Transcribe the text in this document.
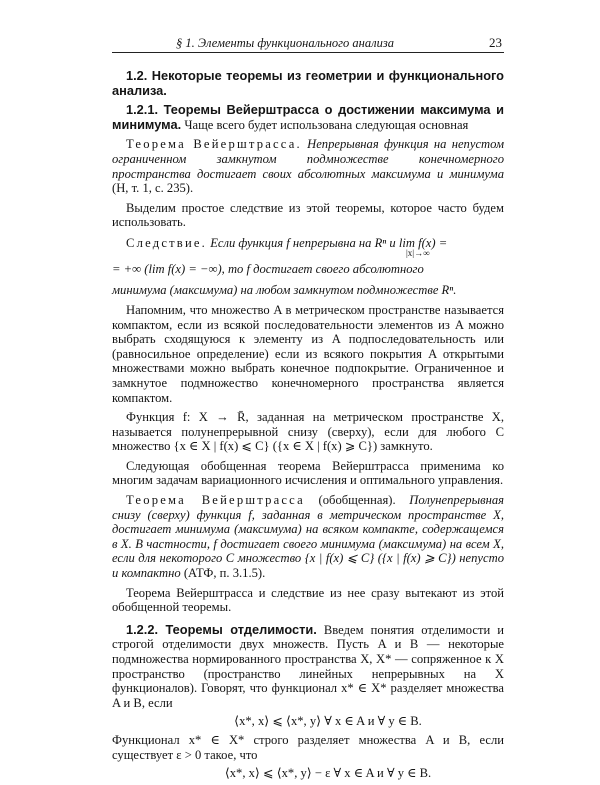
§ 1. Элементы функционального анализа	23

1.2. Некоторые теоремы из геометрии и функционального анализа.

1.2.1. Теоремы Вейерштрасса о достижении максимума и минимума. Чаще всего будет использована следующая основная

Теорема Вейерштрасса. Непрерывная функция на непустом ограниченном замкнутом подмножестве конечномерного пространства достигает своих абсолютных максимума и минимума (Н, т. 1, с. 235).

Выделим простое следствие из этой теоремы, которое часто будем использовать.

Следствие. Если функция f непрерывна на Rⁿ и lim f(x) =

|x|→∞

= +∞ (lim f(x) = −∞), то f достигает своего абсолютного

минимума (максимума) на любом замкнутом подмножестве Rⁿ.

Напомним, что множество A в метрическом пространстве называется компактом, если из всякой последовательности элементов из A можно выбрать сходящуюся к элементу из A подпоследовательность или (равносильное определение) если из всякого покрытия A открытыми множествами можно выбрать конечное подпокрытие. Ограниченное и замкнутое подмножество конечномерного пространства является компактом.

Функция f: X → R̄, заданная на метрическом пространстве X, называется полунепрерывной снизу (сверху), если для любого C множество {x ∈ X | f(x) ⩽ C} ({x ∈ X | f(x) ⩾ C}) замкнуто.

Следующая обобщенная теорема Вейерштрасса применима ко многим задачам вариационного исчисления и оптимального управления.

Теорема Вейерштрасса (обобщенная). Полунепрерывная снизу (сверху) функция f, заданная в метрическом пространстве X, достигает минимума (максимума) на всяком компакте, содержащемся в X. В частности, f достигает своего минимума (максимума) на всем X, если для некоторого C множество {x | f(x) ⩽ C} ({x | f(x) ⩾ C}) непусто и компактно (АТФ, п. 3.1.5).

Теорема Вейерштрасса и следствие из нее сразу вытекают из этой обобщенной теоремы.

1.2.2. Теоремы отделимости. Введем понятия отделимости и строгой отделимости двух множеств. Пусть A и B — некоторые подмножества нормированного пространства X, X* — сопряженное к X пространство (пространство линейных непрерывных на X функционалов). Говорят, что функционал x* ∈ X* разделяет множества A и B, если

⟨x*, x⟩ ⩽ ⟨x*, y⟩ ∀ x ∈ A и ∀ y ∈ B.

Функционал x* ∈ X* строго разделяет множества A и B, если существует ε > 0 такое, что

⟨x*, x⟩ ⩽ ⟨x*, y⟩ − ε ∀ x ∈ A и ∀ y ∈ B.
